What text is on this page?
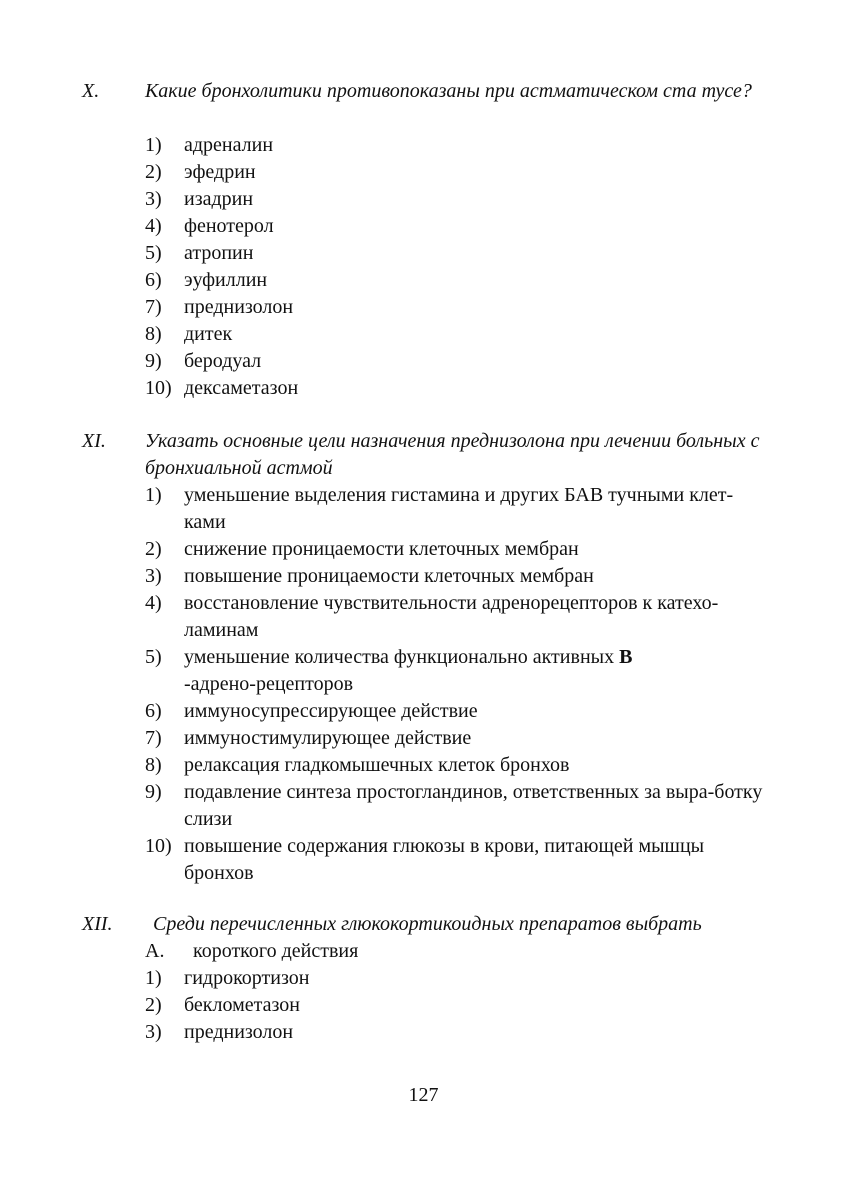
X. Какие бронхолитики противопоказаны при астматическом ста тусе?
1) адреналин
2) эфедрин
3) изадрин
4) фенотерол
5) атропин
6) эуфиллин
7) преднизолон
8) дитек
9) беродуал
10) дексаметазон
XI. Указать основные цели назначения преднизолона при лечении больных с бронхиальной астмой
1) уменьшение выделения гистамина и других БАВ тучными клет-ками
2) снижение проницаемости клеточных мембран
3) повышение проницаемости клеточных мембран
4) восстановление чувствительности адренорецепторов к катехо-ламинам
5) уменьшение количества функционально активных В
-адрено-рецепторов
6) иммуносупрессирующее действие
7) иммуностимулирующее действие
8) релаксация гладкомышечных клеток бронхов
9) подавление синтеза простогландинов, ответственных за выра-ботку слизи
10) повышение содержания глюкозы в крови, питающей мышцы бронхов
XII. Среди перечисленных глюкокортикоидных препаратов выбрать
А. короткого действия
1) гидрокортизон
2) беклометазон
3) преднизолон
127
